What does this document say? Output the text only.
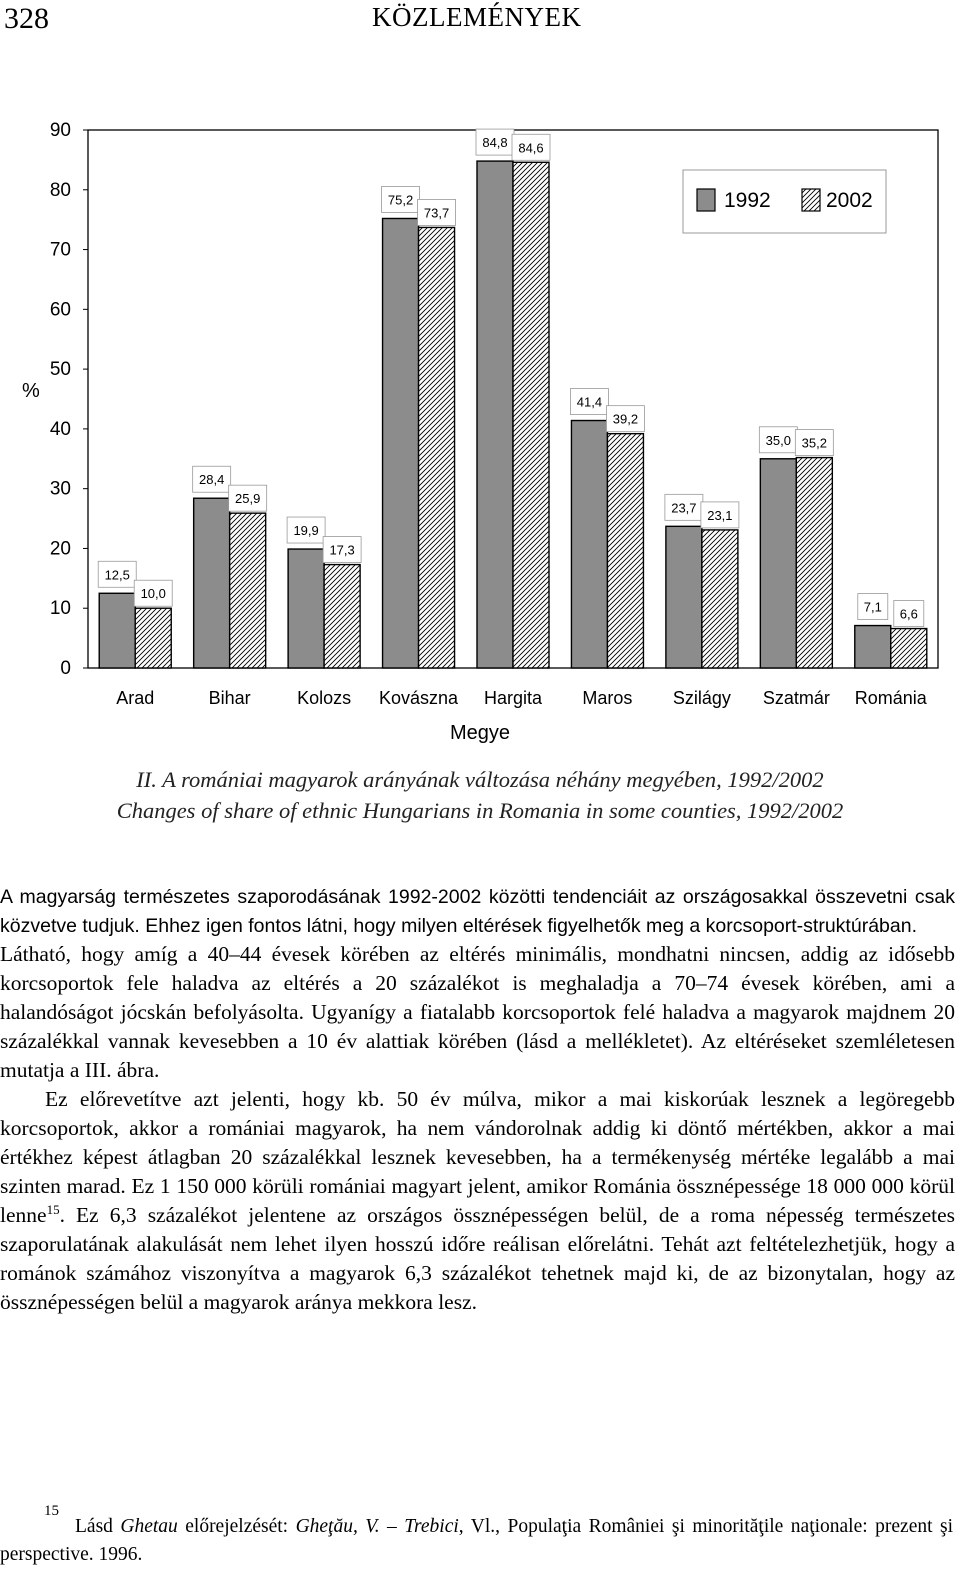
328	KÖZLEMÉNYEK
0
10
20
30
40
50
60
70
80
90
%
12,5
10,0
28,4
25,9
19,9
17,3
75,2
73,7
84,8 84,6
41,4
39,2
23,7
23,1
35,0 35,2
7,1 6,6
Arad	Bihar	Kolozs Kovászna Hargita Maros Szilágy Szatmár Románia
Megye
1992	2002
II. A romániai magyarok arányának változása néhány megyében, 1992/2002
Changes of share of ethnic Hungarians in Romania in some counties, 1992/2002
A magyarság természetes szaporodásának 1992-2002 közötti tendenciáit az országosakkal összevetni csak közvetve tudjuk. Ehhez igen fontos látni, hogy milyen eltérések figyelhetők meg a korcsoport-struktúrában.

Látható, hogy amíg a 40–44 évesek körében az eltérés minimális, mondhatni nincsen, addig az idősebb korcsoportok fele haladva az eltérés a 20 százalékot is meghaladja a 70–74 évesek körében, ami a halandóságot jócskán befolyásolta. Ugyanígy a fiatalabb korcsoportok felé haladva a magyarok majdnem 20 százalékkal vannak kevesebben a 10 év alattiak körében (lásd a mellékletet). Az eltéréseket szemléletesen mutatja a III. ábra.

Ez előrevetítve azt jelenti, hogy kb. 50 év múlva, mikor a mai kiskorúak lesznek a legöregebb korcsoportok, akkor a romániai magyarok, ha nem vándorolnak addig ki döntő mértékben, akkor a mai értékhez képest átlagban 20 százalékkal lesznek kevesebben, ha a termékenység mértéke legalább a mai szinten marad. Ez 1 150 000 körüli romániai magyart jelent, amikor Románia össznépessége 18 000 000 körül lenne$^{15}$. Ez 6,3 százalékot jelentene az országos össznépességen belül, de a roma népesség természetes szaporulatának alakulását nem lehet ilyen hosszú időre reálisan előrelátni. Tehát azt feltételezhetjük, hogy a románok számához viszonyítva a magyarok 6,3 százalékot tehetnek majd ki, de az bizonytalan, hogy az össznépességen belül a magyarok aránya mekkora lesz.

15
Lásd Ghetau előrejelzését: Gheţău, V. – Trebici, Vl., Populaţia României şi minorităţile naţionale: prezent şi perspective. 1996.
